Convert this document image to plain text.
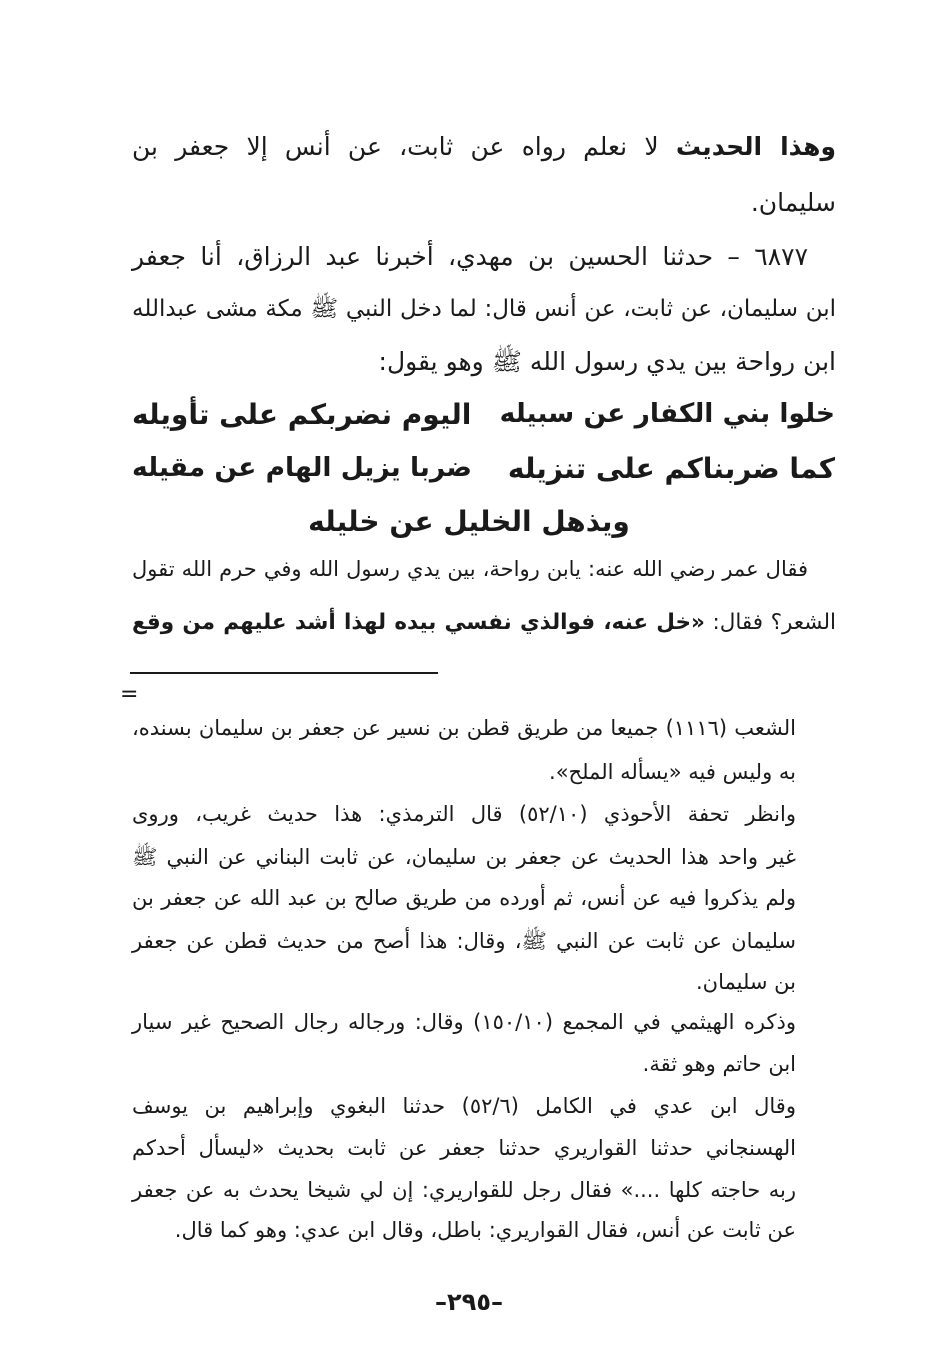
وهذا الحديث لا نعلم رواه عن ثابت، عن أنس إلا جعفر بن
سليمان.
٦٨٧٧ – حدثنا الحسين بن مهدي، أخبرنا عبد الرزاق، أنا جعفر
ابن سليمان، عن ثابت، عن أنس قال: لما دخل النبي ﷺ مكة مشى عبدالله
ابن رواحة بين يدي رسول الله ﷺ وهو يقول:
خلوا بني الكفار عن سبيله
اليوم نضربكم على تأويله
كما ضربناكم على تنزيله
ضربا يزيل الهام عن مقيله
ويذهل الخليل عن خليله
فقال عمر رضي الله عنه: يابن رواحة، بين يدي رسول الله وفي حرم الله تقول
الشعر؟ فقال: «خل عنه، فوالذي نفسي بيده لهذا أشد عليهم من وقع
=
الشعب (١١١٦) جميعا من طريق قطن بن نسير عن جعفر بن سليمان بسنده،
به وليس فيه «يسأله الملح».
وانظر تحفة الأحوذي (٥٢/١٠) قال الترمذي: هذا حديث غريب، وروى
غير واحد هذا الحديث عن جعفر بن سليمان، عن ثابت البناني عن النبي ﷺ
ولم يذكروا فيه عن أنس، ثم أورده من طريق صالح بن عبد الله عن جعفر بن
سليمان عن ثابت عن النبي ﷺ، وقال: هذا أصح من حديث قطن عن جعفر
بن سليمان.
وذكره الهيثمي في المجمع (١٥٠/١٠) وقال: ورجاله رجال الصحيح غير سيار
ابن حاتم وهو ثقة.
وقال ابن عدي في الكامل (٥٢/٦) حدثنا البغوي وإبراهيم بن يوسف
الهسنجاني حدثنا القواريري حدثنا جعفر عن ثابت بحديث «ليسأل أحدكم
ربه حاجته كلها ....» فقال رجل للقواريري: إن لي شيخا يحدث به عن جعفر
عن ثابت عن أنس، فقال القواريري: باطل، وقال ابن عدي: وهو كما قال.
–٢٩٥–
